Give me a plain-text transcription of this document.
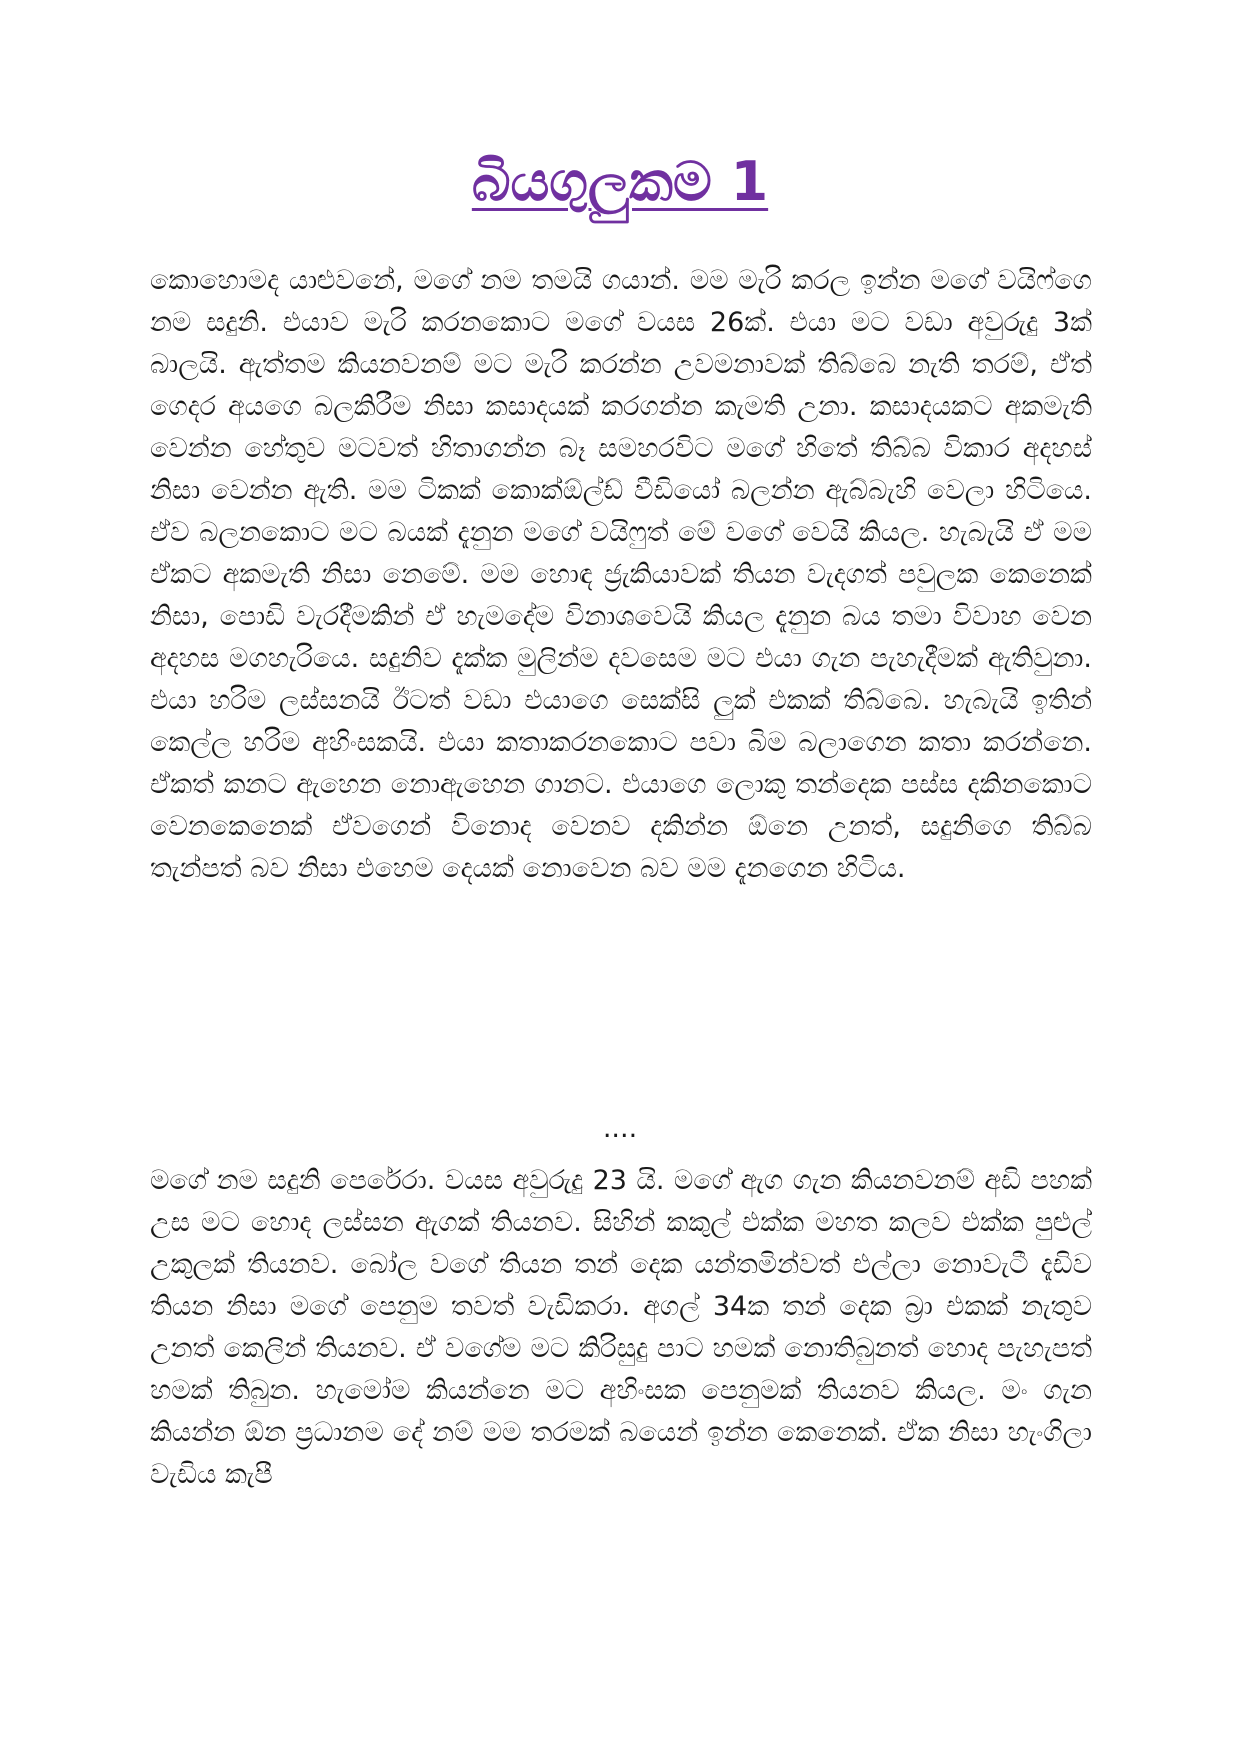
බියගුලුකම 1

කොහොමද යාළුවනේ, මගේ නම තමයි ගයාන්. මම මැරි කරල ඉන්න මගේ වයිෆ්ගෙ නම සදුනි. එයාව මැරි කරනකොට මගේ වයස 26ක්. එයා මට වඩා අවුරුදු 3ක් බාලයි. ඇත්තම කියනවනම් මට මැරි කරන්න උවමනාවක් තිබ්බෙ නැති තරම්, ඒත් ගෙදර අයගෙ බලකිරීම නිසා කසාදයක් කරගන්න කැමති උනා. කසාදයකට අකමැති වෙන්න හේතුව මටවත් හිතාගන්න බෑ සමහරවිට මගේ හිතේ තිබ්බ විකාර අදහස් නිසා වෙන්න ඇති. මම ටිකක් කොක්ඕල්ඩ් වීඩියෝ බලන්න ඇබ්බැහි වෙලා හිටියෙ. ඒව බලනකොට මට බයක් දැනුන මගේ වයිෆුත් මේ වගේ වෙයි කියල. හැබැයි ඒ මම ඒකට අකමැති නිසා නෙමේ. මම හොඳ ජ්‍රැකියාවක් තියන වැදගත් පවුලක කෙනෙක් නිසා, පොඩි වැරදීමකින් ඒ හැමදේම විනාශවෙයි කියල දැනුන බය තමා විවාහ වෙන අදහස මගහැරියෙ. සදුනිව දැක්ක මුලින්ම දවසෙම මට එයා ගැන පැහැදීමක් ඇතිවුනා. එයා හරිම ලස්සනයි ඊටත් වඩා එයාගෙ සෙක්සි ලුක් එකක් තිබ්බෙ. හැබැයි ඉතින් කෙල්ල හරිම අහිංසකයි. එයා කතාකරනකොට පවා බිම බලාගෙන කතා කරන්නෙ. ඒකත් කනට ඇහෙන නොඇහෙන ගානට. එයාගෙ ලොකු තන්දෙක පස්ස දකිනකොට වෙනකෙනෙක් ඒවගෙන් විනොද වෙනව දකින්න ඕනෙ උනත්, සදුනිගෙ තිබ්බ තැන්පත් බව නිසා එහෙම දෙයක් නොවෙන බව මම දැනගෙන හිටිය.

....

මගේ නම සදුනි පෙරේරා. වයස අවුරුදු 23 යි. මගේ ඇග ගැන කියනවනම් අඩි පහක් උස මට හොද ලස්සන ඇගක් තියනව. සිහින් කකුල් එක්ක මහත කලව එක්ක පුළුල් උකුලක් තියනව. බෝල වගේ තියන තන් දෙක යන්තමින්වත් එල්ලා නොවැටී දැඩිව තියන නිසා මගේ පෙනුම තවත් වැඩිකරා. අගල් 34ක තන් දෙක බ්‍රා එකක් නැතුව උනත් කෙලින් තියනව. ඒ වගේම මට කිරිසුදු පාට හමක් නොතිබුනත් හොද පැහැපත් හමක් තිබුන. හැමෝම කියන්නෙ මට අහිංසක පෙනුමක් තියනව කියල. මං ගැන කියන්න ඕන ප්‍රධානම දේ නම් මම තරමක් බයෙන් ඉන්න කෙනෙක්. ඒක නිසා හැංගිලා වැඩිය කැපී
